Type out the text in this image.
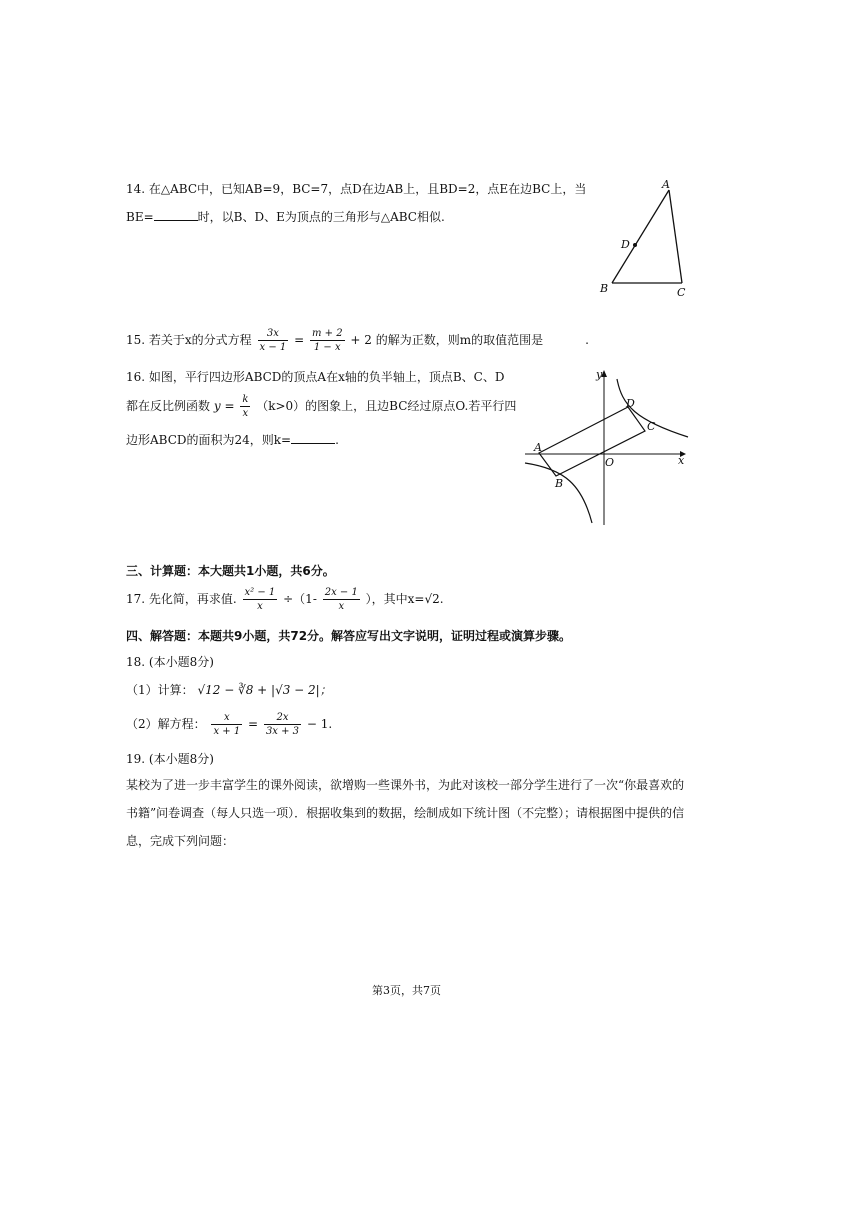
14. 在△ABC中，已知AB=9，BC=7，点D在边AB上，且BD=2，点E在边BC上，当
BE=	时，以B、D、E为顶点的三角形与△ABC相似.
A
B	C
D
15. 若关于x的分式方程 $\frac{3x}{x - 1} = \frac{m + 2}{1 - x} + 2$ 的解为正数，则m的取值范围是	.
16. 如图，平行四边形ABCD的顶点A在x轴的负半轴上，顶点B、C、D
都在反比例函数 $y = \frac{k}{x} (k>0)$的图象上，且边BC经过原点O.若平行四
边形ABCD的面积为24，则k=	.
y
x
O
A
B
C
D
三、计算题：本大题共1小题，共6分。
17. 先化简，再求值. $\frac{\text{x² − 1}}{x} \div(1- \frac{2x - 1}{x}$ ），其中x=√2.
四、解答题：本题共9小题，共72分。解答应写出文字说明，证明过程或演算步骤。
18. (本小题8分)
（1）计算： √12 − ∛8 + |√3 − 2|；
（2）解方程： $\frac{x}{x + 1} = \frac{2x}{3x + 3} - 1$.
19. (本小题8分)
某校为了进一步丰富学生的课外阅读，欲增购一些课外书，为此对该校一部分学生进行了一次“你最喜欢的书籍”问卷调查（每人只选一项）．根据收集到的数据，绘制成如下统计图（不完整）；请根据图中提供的信息，完成下列问题：
第3页，共7页
